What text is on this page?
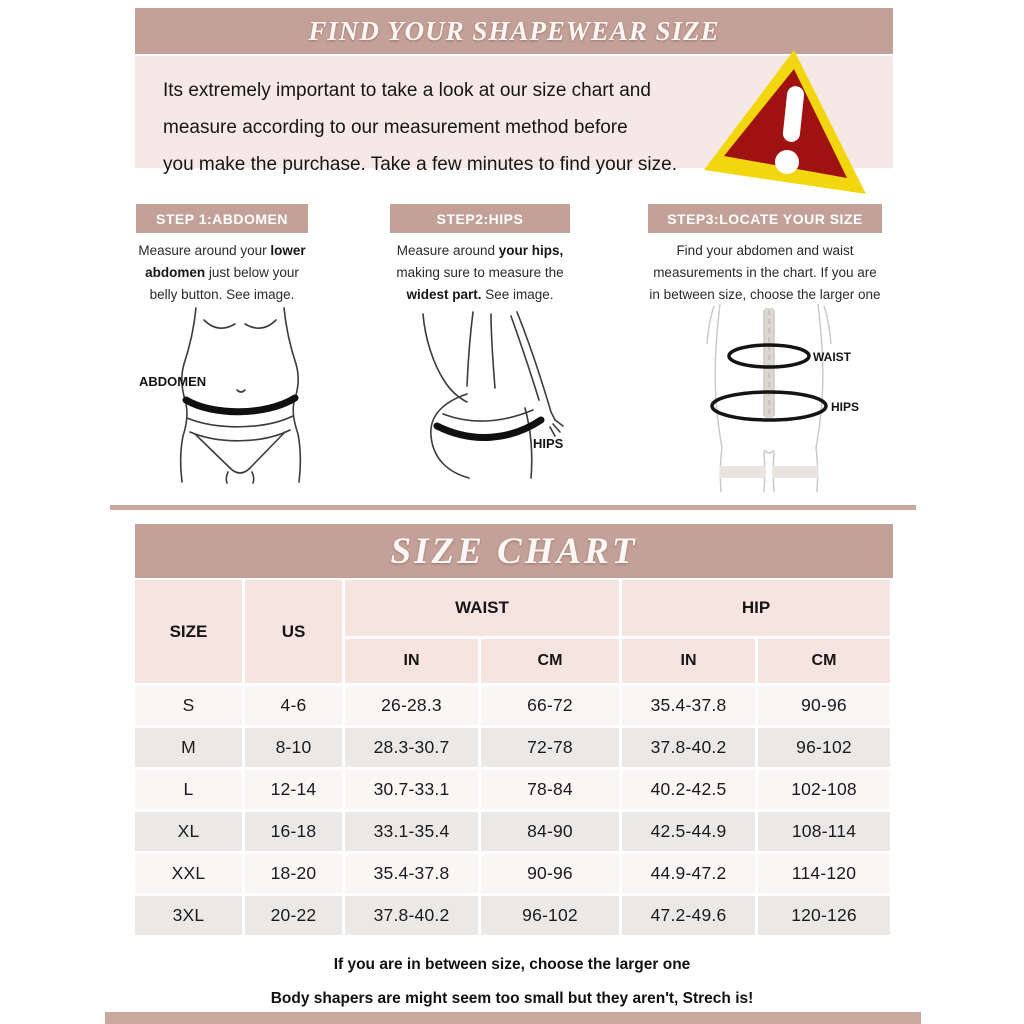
FIND YOUR SHAPEWEAR SIZE
Its extremely important to take a look at our size chart and
measure according to our measurement method before
you make the purchase. Take a few minutes to find your size.
STEP 1:ABDOMEN	STEP2:HIPS	STEP3:LOCATE YOUR SIZE

Measure around your lower

abdomen just below your

belly button. See image.

Measure around your hips,

making sure to measure the

widest part. See image.

Find your abdomen and waist

measurements in the chart. If you are

in between size, choose the larger one

ABDOMEN
HIPS
WAIST
HIPS
SIZE CHART
SIZE	US
WAIST	HIP
IN	CM	IN	CM
S	4-6	26-28.3	66-72	35.4-37.8	90-96
M	8-10	28.3-30.7	72-78	37.8-40.2	96-102
L	12-14	30.7-33.1	78-84	40.2-42.5	102-108
XL	16-18	33.1-35.4	84-90	42.5-44.9	108-114
XXL	18-20	35.4-37.8	90-96	44.9-47.2	114-120
3XL	20-22	37.8-40.2	96-102	47.2-49.6	120-126
If you are in between size, choose the larger one
Body shapers are might seem too small but they aren't, Strech is!
